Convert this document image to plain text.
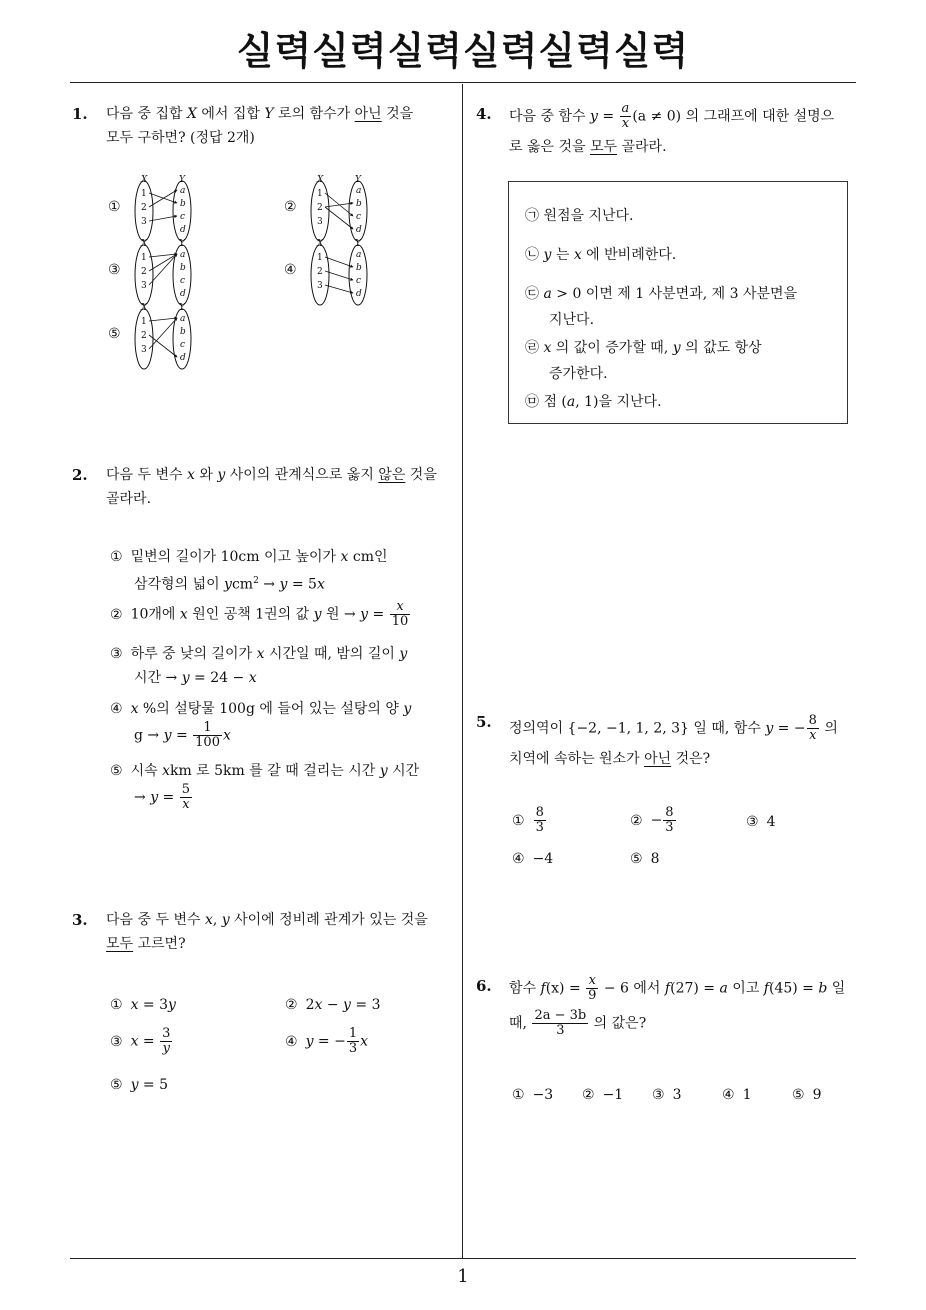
실력실력실력실력실력실력
1
1. 다음 중 집합 X 에서 집합 Y 로의 함수가 아닌 것을
모두 구하면? (정답 2개)
①	②
③	④
⑤
X	Y
1
2
3
a
b
c
d
X	Y
1
2
3
a
b
c
d
X	Y
1
2
3
a
b
c
d
X	Y
1
2
3
a
b
c
d
X	Y
1
2
3
a
b
c
d
2. 다음 두 변수 x 와 y 사이의 관계식으로 옳지 않은 것을
골라라.
① 밑변의 길이가 10cm 이고 높이가 x cm인
삼각형의 넓이 ycm$^2$ → y = 5x
② 10개에 x 원인 공책 1권의 값 y 원 → $y = \frac{x}{10}$
③ 하루 중 낮의 길이가 x 시간일 때, 밤의 길이 y
시간 → y = 24 − x
④ x %의 설탕물 100g 에 들어 있는 설탕의 양 y
$g \to y = \frac{1}{100}$ x
⑤ 시속 xkm 로 5km 를 갈 때 걸리는 시간 y 시간
→ $y = \frac{5}{x}$
3. 다음 중 두 변수 x, y 사이에 정비례 관계가 있는 것을
모두 고르면?
① x = 3y	② 2x − y = 3
③ $x = \frac{3}{y}$	④ y = − $\frac{1}{3}$ x
⑤ y = 5
4. 다음 중 함수 $y = \frac{a}{x} (a \ne 0)$ 의 그래프에 대한 설명으
로 옳은 것을 모두 골라라.
㉠ 원점을 지난다.
㉡ y 는 x 에 반비례한다.
㉢ a > 0 이면 제 1 사분면과, 제 3 사분면을
지난다.
㉣ x 의 값이 증가할 때, y 의 값도 항상
증가한다.
㉤ 점 (a, 1)을 지난다.
5. 정의역이 {−2, −1, 1, 2, 3} 일 때, 함수 y = − $\frac{8}{x}$ 의
치역에 속하는 원소가 아닌 것은?
① $\frac{8}{3}$	② − $\frac{8}{3}$	③ 4
④ −4	⑤ 8
6. 함수 $f(x) = \frac{x}{9} - 6$ 에서 f(27) = a 이고 f(45) = b 일
때, $\frac{2a - 3b}{3}$ 의 값은?
① −3 ② −1 ③ 3	④ 1	⑤ 9
